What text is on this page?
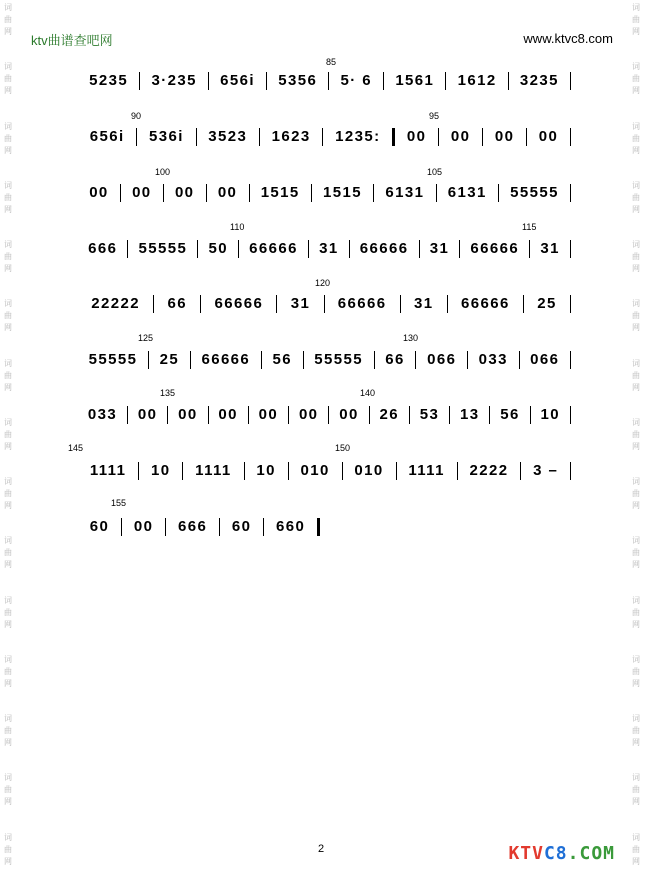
词
曲
网
词
曲
网
词
曲
网
词
曲
网
词
曲
网
词
曲
网
词
曲
网
词
曲
网
词
曲
网
词
曲
网
词
曲
网
词
曲
网
词
曲
网
词
曲
网
词
曲
网
词
曲
网
词
曲
网
词
曲
网
词
曲
网
词
曲
网
词
曲
网
词
曲
网
词
曲
网
词
曲
网
词
曲
网
词
曲
网
词
曲
网
词
曲
网
词
曲
网
词
曲
网
ktv曲谱查吧网	www.ktvc8.com
85
5235	3·235	656i	5356	5· 6	1561	1612	3235
90	95
656i	536i	3523	1623	1235:	00	00	00	00
100	105
00	00	00	00	1515	1515	6131	6131	55555
110	115
666	55555	50	66666	31	66666	31	66666	31
120
22222	66	66666	31	66666	31	66666	25
125	130
55555	25	66666	56	55555	66	066	033	066
135	140
033	00	00	00	00	00	00	26	53	13	56	10
145	150
1111	10	1111	10	010	010	1111	2222	3 –
155
60	00	666	60	660
2	KTVC8.COM
